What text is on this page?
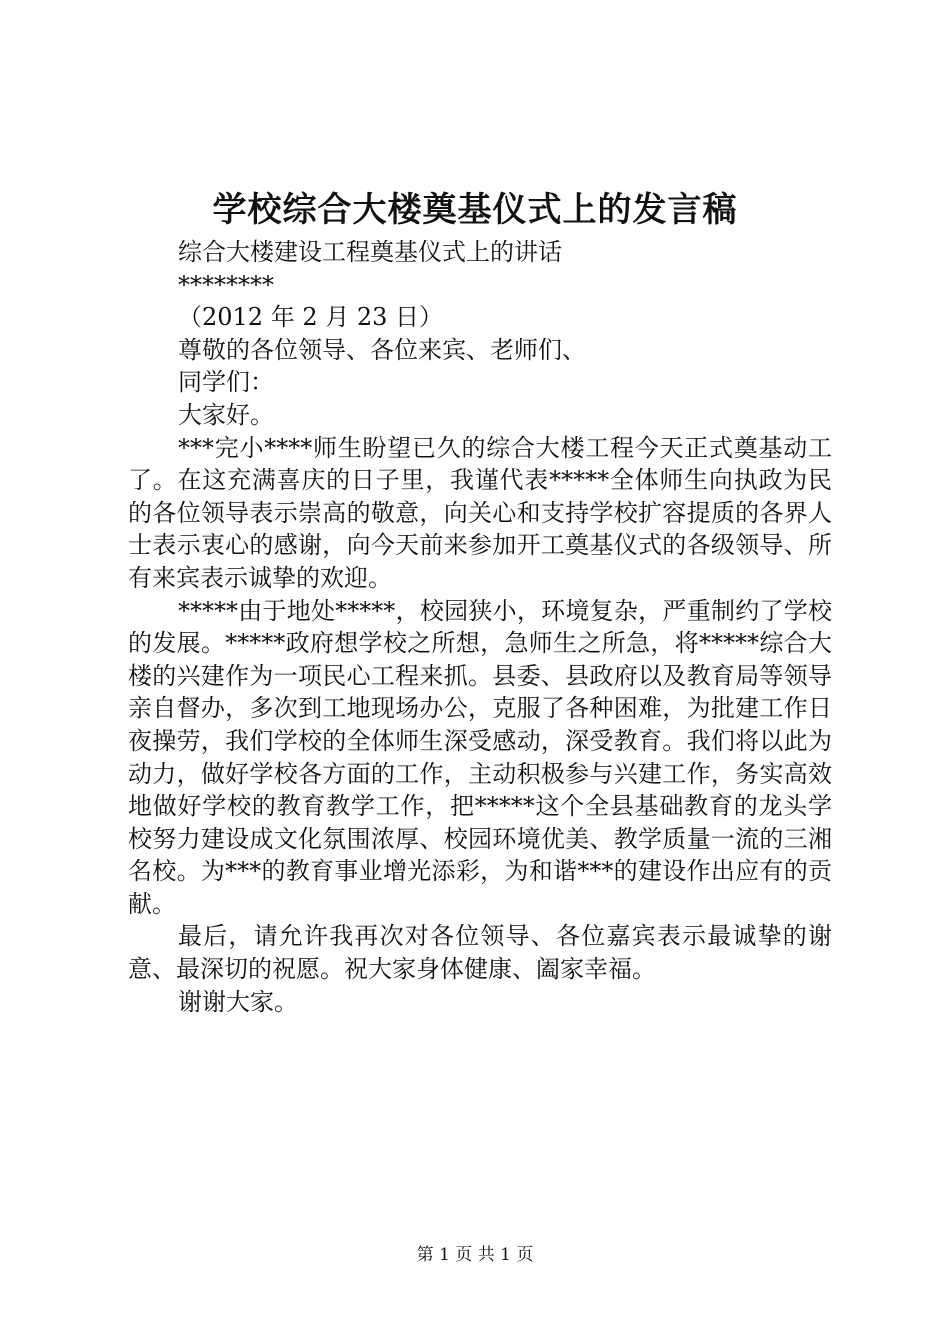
学校综合大楼奠基仪式上的发言稿
综合大楼建设工程奠基仪式上的讲话
********
（2012 年 2 月 23 日）
尊敬的各位领导、各位来宾、老师们、
同学们：
大家好。
***完小****师生盼望已久的综合大楼工程今天正式奠基动工了。在这充满喜庆的日子里，我谨代表*****全体师生向执政为民的各位领导表示崇高的敬意，向关心和支持学校扩容提质的各界人士表示衷心的感谢，向今天前来参加开工奠基仪式的各级领导、所有来宾表示诚挚的欢迎。
*****由于地处*****，校园狭小，环境复杂，严重制约了学校的发展。*****政府想学校之所想，急师生之所急，将*****综合大楼的兴建作为一项民心工程来抓。县委、县政府以及教育局等领导亲自督办，多次到工地现场办公，克服了各种困难，为批建工作日夜操劳，我们学校的全体师生深受感动，深受教育。我们将以此为动力，做好学校各方面的工作，主动积极参与兴建工作，务实高效地做好学校的教育教学工作，把*****这个全县基础教育的龙头学校努力建设成文化氛围浓厚、校园环境优美、教学质量一流的三湘名校。为***的教育事业增光添彩，为和谐***的建设作出应有的贡献。
最后，请允许我再次对各位领导、各位嘉宾表示最诚挚的谢意、最深切的祝愿。祝大家身体健康、阖家幸福。
谢谢大家。
第 1 页 共 1 页
